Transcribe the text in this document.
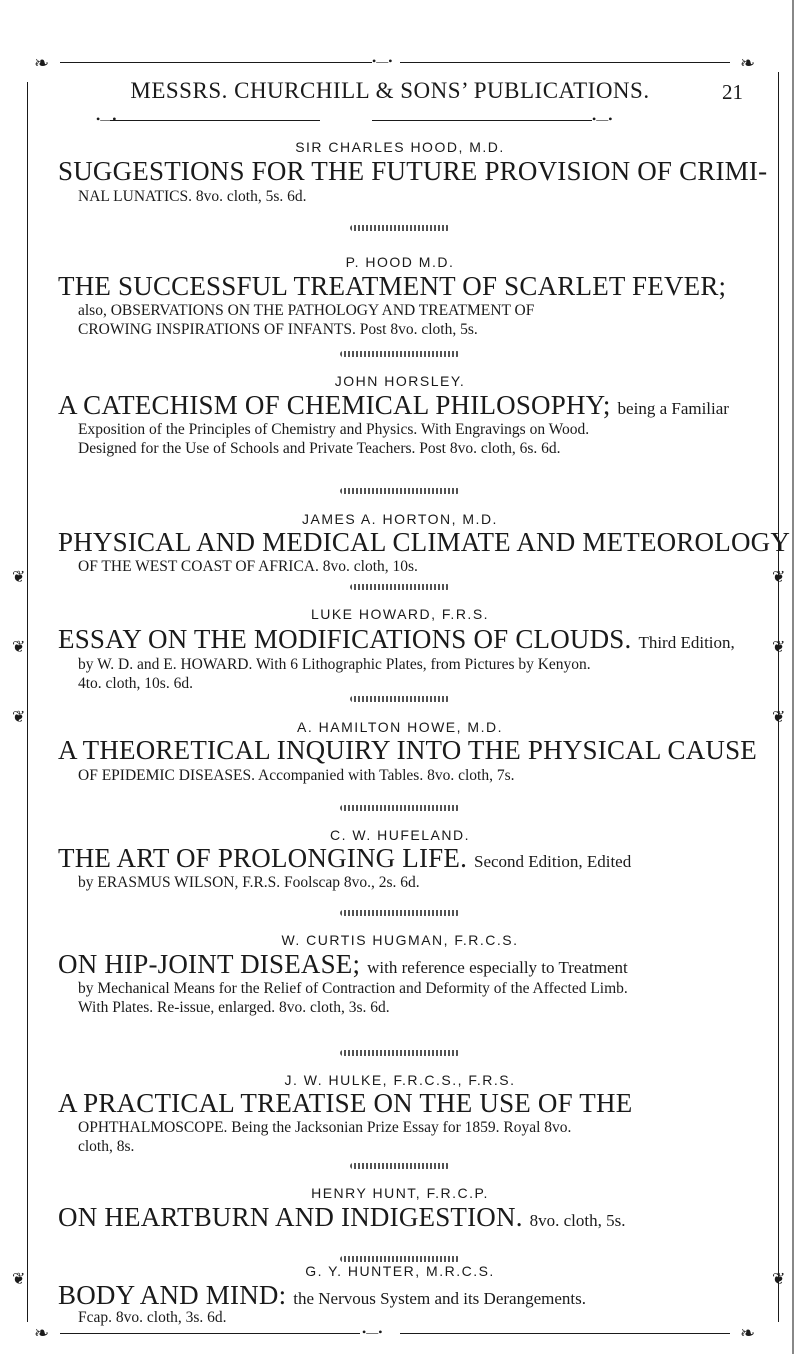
❧	❧
❧	❧
•—•
•—•
•—•	•—•
❦
❦
❦
❦
❦
❦
❦	❦
MESSRS. CHURCHILL & SONS’ PUBLICATIONS.	21
SIR CHARLES HOOD, M.D.
SUGGESTIONS FOR THE FUTURE PROVISION OF CRIMI-
NAL LUNATICS. 8vo. cloth, 5s. 6d.
P. HOOD M.D.
THE SUCCESSFUL TREATMENT OF SCARLET FEVER;
also, OBSERVATIONS ON THE PATHOLOGY AND TREATMENT OF
CROWING INSPIRATIONS OF INFANTS. Post 8vo. cloth, 5s.
JOHN HORSLEY.
A CATECHISM OF CHEMICAL PHILOSOPHY; being a Familiar
Exposition of the Principles of Chemistry and Physics. With Engravings on Wood.
Designed for the Use of Schools and Private Teachers. Post 8vo. cloth, 6s. 6d.
JAMES A. HORTON, M.D.
PHYSICAL AND MEDICAL CLIMATE AND METEOROLOGY
OF THE WEST COAST OF AFRICA. 8vo. cloth, 10s.
LUKE HOWARD, F.R.S.
ESSAY ON THE MODIFICATIONS OF CLOUDS. Third Edition,
by W. D. and E. HOWARD. With 6 Lithographic Plates, from Pictures by Kenyon.
4to. cloth, 10s. 6d.
A. HAMILTON HOWE, M.D.
A THEORETICAL INQUIRY INTO THE PHYSICAL CAUSE
OF EPIDEMIC DISEASES. Accompanied with Tables. 8vo. cloth, 7s.
C. W. HUFELAND.
THE ART OF PROLONGING LIFE. Second Edition, Edited
by ERASMUS WILSON, F.R.S. Foolscap 8vo., 2s. 6d.
W. CURTIS HUGMAN, F.R.C.S.
ON HIP-JOINT DISEASE; with reference especially to Treatment
by Mechanical Means for the Relief of Contraction and Deformity of the Affected Limb.
With Plates. Re-issue, enlarged. 8vo. cloth, 3s. 6d.
J. W. HULKE, F.R.C.S., F.R.S.
A PRACTICAL TREATISE ON THE USE OF THE
OPHTHALMOSCOPE. Being the Jacksonian Prize Essay for 1859. Royal 8vo.
cloth, 8s.
HENRY HUNT, F.R.C.P.
ON HEARTBURN AND INDIGESTION. 8vo. cloth, 5s.
G. Y. HUNTER, M.R.C.S.
BODY AND MIND: the Nervous System and its Derangements.
Fcap. 8vo. cloth, 3s. 6d.
